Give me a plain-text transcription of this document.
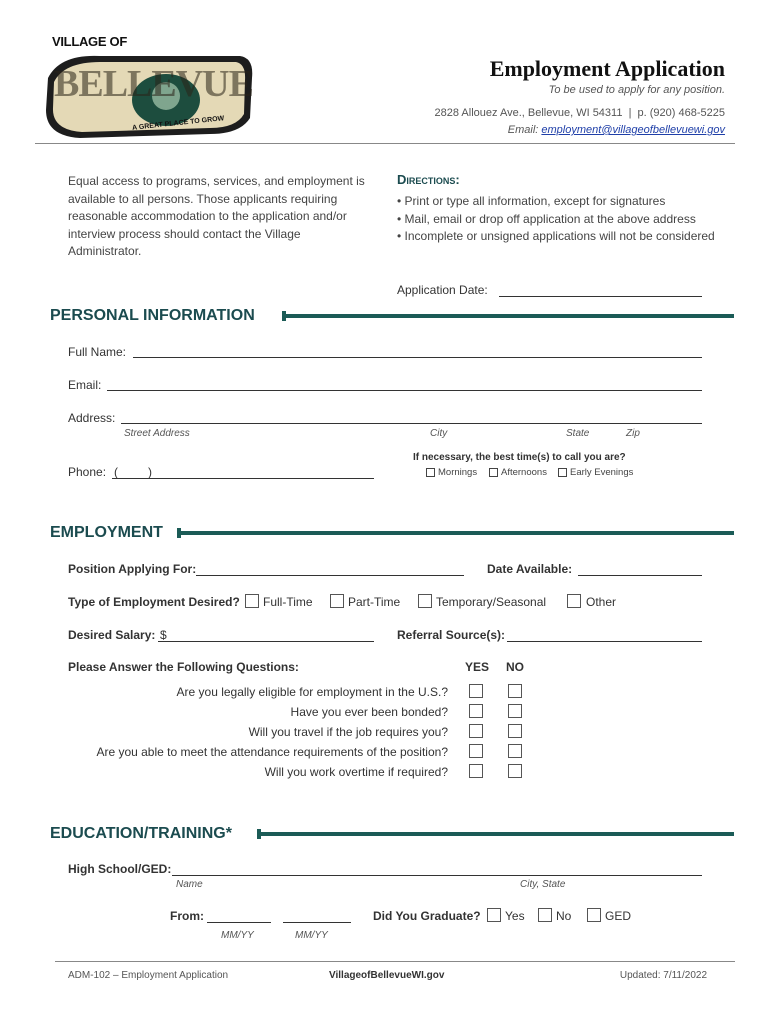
VILLAGE OF
BELLEVUE
A GREAT PLACE TO GROW
Employment Application
To be used to apply for any position.
2828 Allouez Ave., Bellevue, WI 54311  |  p. (920) 468-5225
Email: employment@villageofbellevuewi.gov
Equal access to programs, services, and employment is available to all persons. Those applicants requiring reasonable accommodation to the application and/or interview process should contact the Village Administrator.
Directions:
• Print or type all information, except for signatures
• Mail, email or drop off application at the above address
• Incomplete or unsigned applications will not be considered
Application Date:
PERSONAL INFORMATION
Full Name:
Email:
Address:
Street Address	City	State	Zip
Phone: (         )
If necessary, the best time(s) to call you are?
Mornings	Afternoons Early Evenings
EMPLOYMENT
Position Applying For:	Date Available:
Type of Employment Desired? Full-Time	Part-Time	Temporary/Seasonal	Other
Desired Salary: $	Referral Source(s):
Please Answer the Following Questions:	YES NO
Are you legally eligible for employment in the U.S.?
Have you ever been bonded?
Will you travel if the job requires you?
Are you able to meet the attendance requirements of the position?
Will you work overtime if required?
EDUCATION/TRAINING*
High School/GED:
Name	City, State
From:
MM/YY	MM/YY
Did You Graduate? Yes	No	GED
ADM-102 – Employment Application	VillageofBellevueWI.gov	Updated: 7/11/2022
